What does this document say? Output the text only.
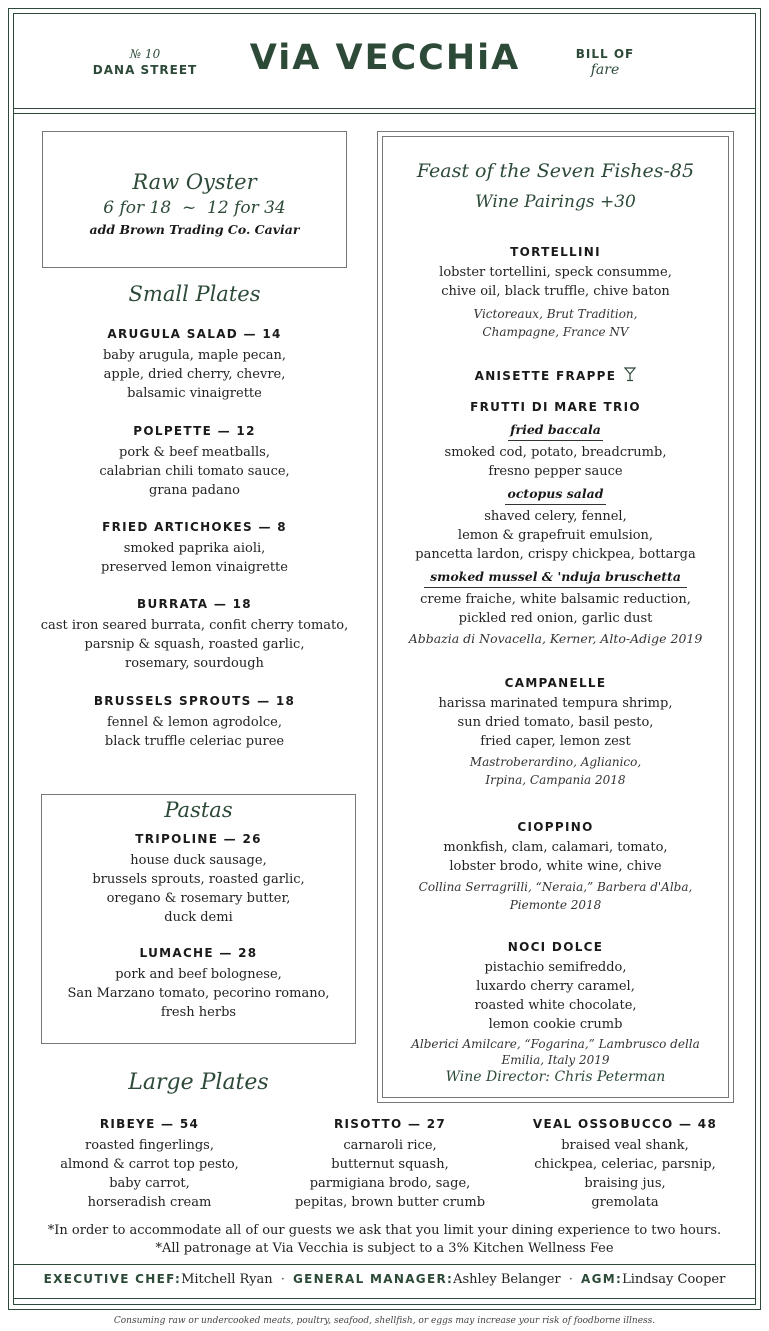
№ 10
DANA STREET	ViA VECCHiA	BILL OF
fare
Raw Oyster
6 for 18  ~  12 for 34
add Brown Trading Co. Caviar
Small Plates
ARUGULA SALAD — 14
baby arugula, maple pecan,
apple, dried cherry, chevre,
balsamic vinaigrette
POLPETTE — 12
pork & beef meatballs,
calabrian chili tomato sauce,
grana padano
FRIED ARTICHOKES — 8
smoked paprika aioli,
preserved lemon vinaigrette
BURRATA — 18
cast iron seared burrata, confit cherry tomato,
parsnip & squash, roasted garlic,
rosemary, sourdough
BRUSSELS SPROUTS — 18
fennel & lemon agrodolce,
black truffle celeriac puree
Pastas
TRIPOLINE — 26
house duck sausage,
brussels sprouts, roasted garlic,
oregano & rosemary butter,
duck demi
LUMACHE — 28
pork and beef bolognese,
San Marzano tomato, pecorino romano,
fresh herbs
Feast of the Seven Fishes-85
Wine Pairings +30
TORTELLINI
lobster tortellini, speck consumme,
chive oil, black truffle, chive baton
Victoreaux, Brut Tradition,
Champagne, France NV
ANISETTE FRAPPE
FRUTTI DI MARE TRIO
fried baccala
smoked cod, potato, breadcrumb,
fresno pepper sauce
octopus salad
shaved celery, fennel,
lemon & grapefruit emulsion,
pancetta lardon, crispy chickpea, bottarga
smoked mussel & 'nduja bruschetta
creme fraiche, white balsamic reduction,
pickled red onion, garlic dust
Abbazia di Novacella, Kerner, Alto-Adige 2019
CAMPANELLE
harissa marinated tempura shrimp,
sun dried tomato, basil pesto,
fried caper, lemon zest
Mastroberardino, Aglianico,
Irpina, Campania 2018
CIOPPINO
monkfish, clam, calamari, tomato,
lobster brodo, white wine, chive
Collina Serragrilli, “Neraia,” Barbera d'Alba,
Piemonte 2018
NOCI DOLCE
pistachio semifreddo,
luxardo cherry caramel,
roasted white chocolate,
lemon cookie crumb
Alberici Amilcare, “Fogarina,” Lambrusco della
Emilia, Italy 2019
Wine Director: Chris Peterman
Large Plates
RIBEYE — 54
roasted fingerlings,
almond & carrot top pesto,
baby carrot,
horseradish cream
RISOTTO — 27
carnaroli rice,
butternut squash,
parmigiana brodo, sage,
pepitas, brown butter crumb
VEAL OSSOBUCCO — 48
braised veal shank,
chickpea, celeriac, parsnip,
braising jus,
gremolata
*In order to accommodate all of our guests we ask that you limit your dining experience to two hours.
*All patronage at Via Vecchia is subject to a 3% Kitchen Wellness Fee
EXECUTIVE CHEF:Mitchell Ryan · GENERAL MANAGER:Ashley Belanger · AGM:Lindsay Cooper
Consuming raw or undercooked meats, poultry, seafood, shellfish, or eggs may increase your risk of foodborne illness.
